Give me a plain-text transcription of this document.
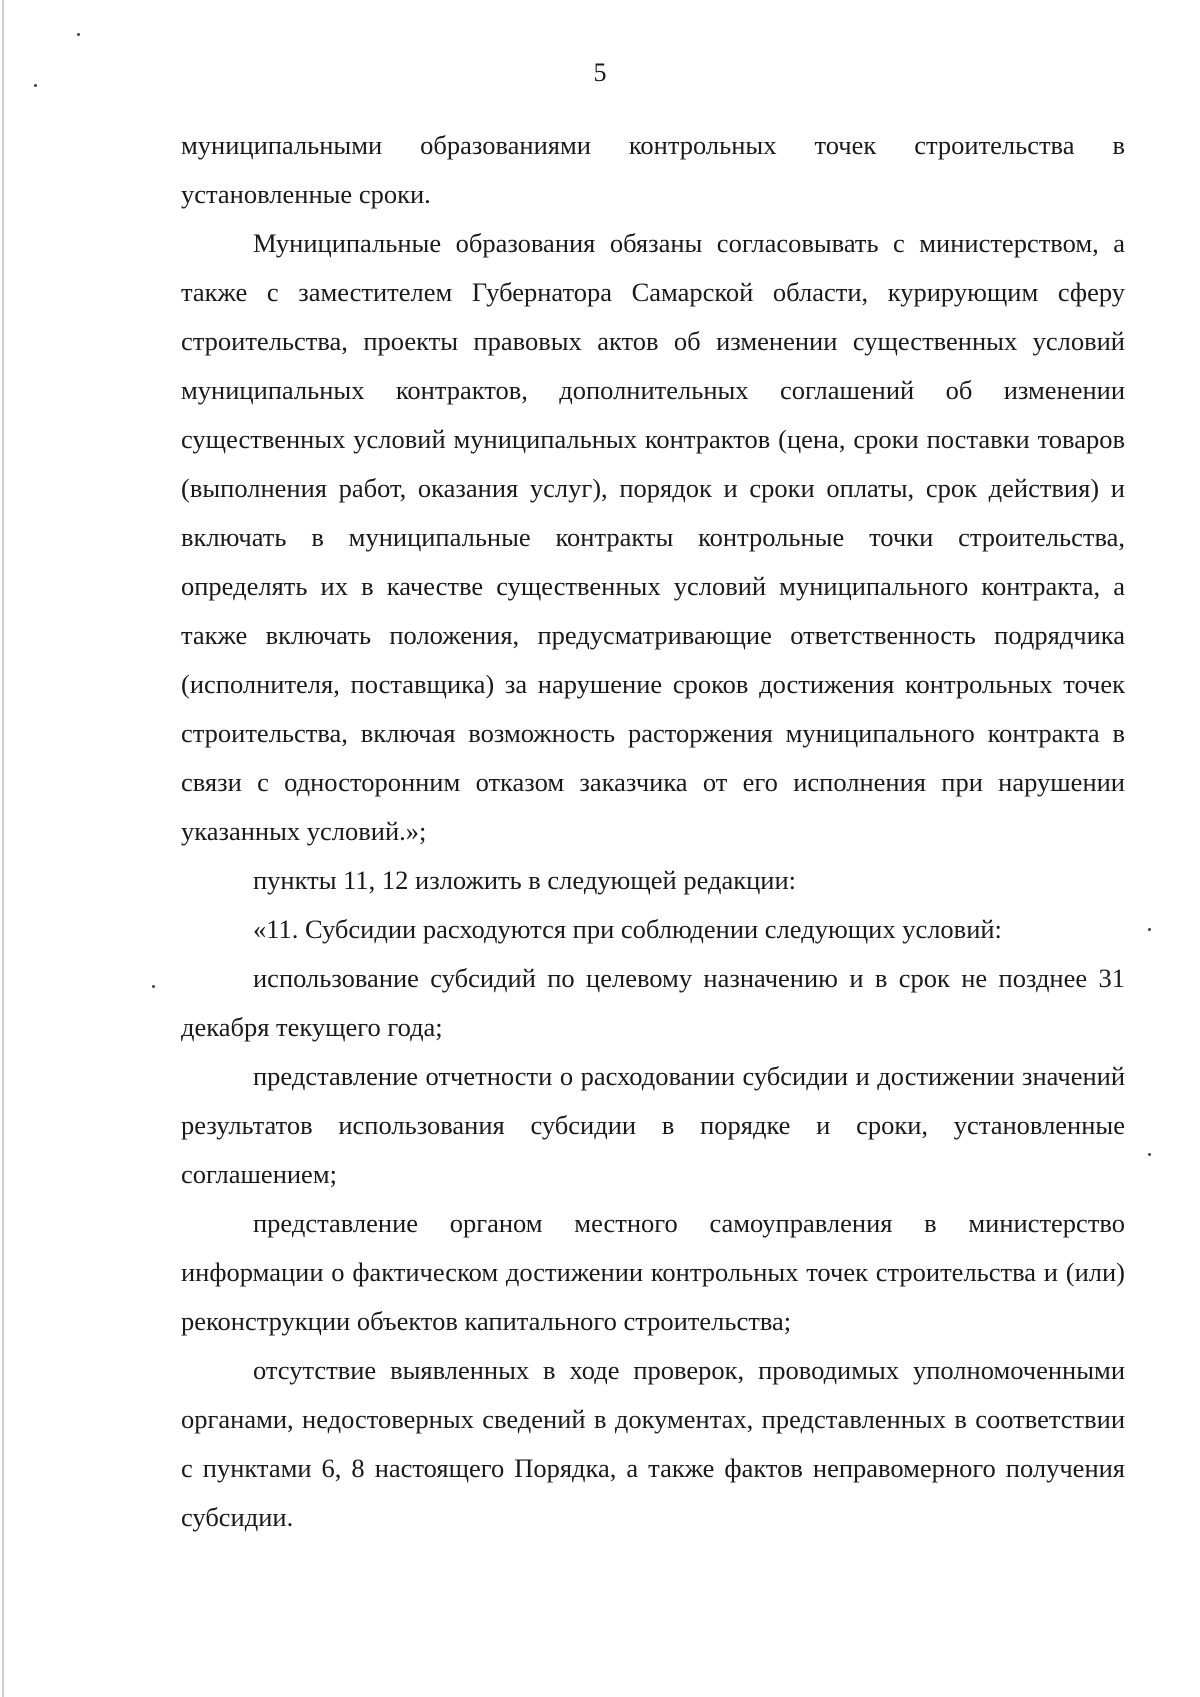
5

муниципальными образованиями контрольных точек строительства в установленные сроки.

Муниципальные образования обязаны согласовывать с министерством, а также с заместителем Губернатора Самарской области, курирующим сферу строительства, проекты правовых актов об изменении существенных условий муниципальных контрактов, дополнительных соглашений об изменении существенных условий муниципальных контрактов (цена, сроки поставки товаров (выполнения работ, оказания услуг), порядок и сроки оплаты, срок действия) и включать в муниципальные контракты контрольные точки строительства, определять их в качестве существенных условий муниципального контракта, а также включать положения, предусматривающие ответственность подрядчика (исполнителя, поставщика) за нарушение сроков достижения контрольных точек строительства, включая возможность расторжения муниципального контракта в связи с односторонним отказом заказчика от его исполнения при нарушении указанных условий.»;

пункты 11, 12 изложить в следующей редакции:

«11. Субсидии расходуются при соблюдении следующих условий:

использование субсидий по целевому назначению и в срок не позднее 31 декабря текущего года;

представление отчетности о расходовании субсидии и достижении значений результатов использования субсидии в порядке и сроки, установленные соглашением;

представление органом местного самоуправления в министерство информации о фактическом достижении контрольных точек строительства и (или) реконструкции объектов капитального строительства;

отсутствие выявленных в ходе проверок, проводимых уполномоченными органами, недостоверных сведений в документах, представленных в соответствии с пунктами 6, 8 настоящего Порядка, а также фактов неправомерного получения субсидии.
